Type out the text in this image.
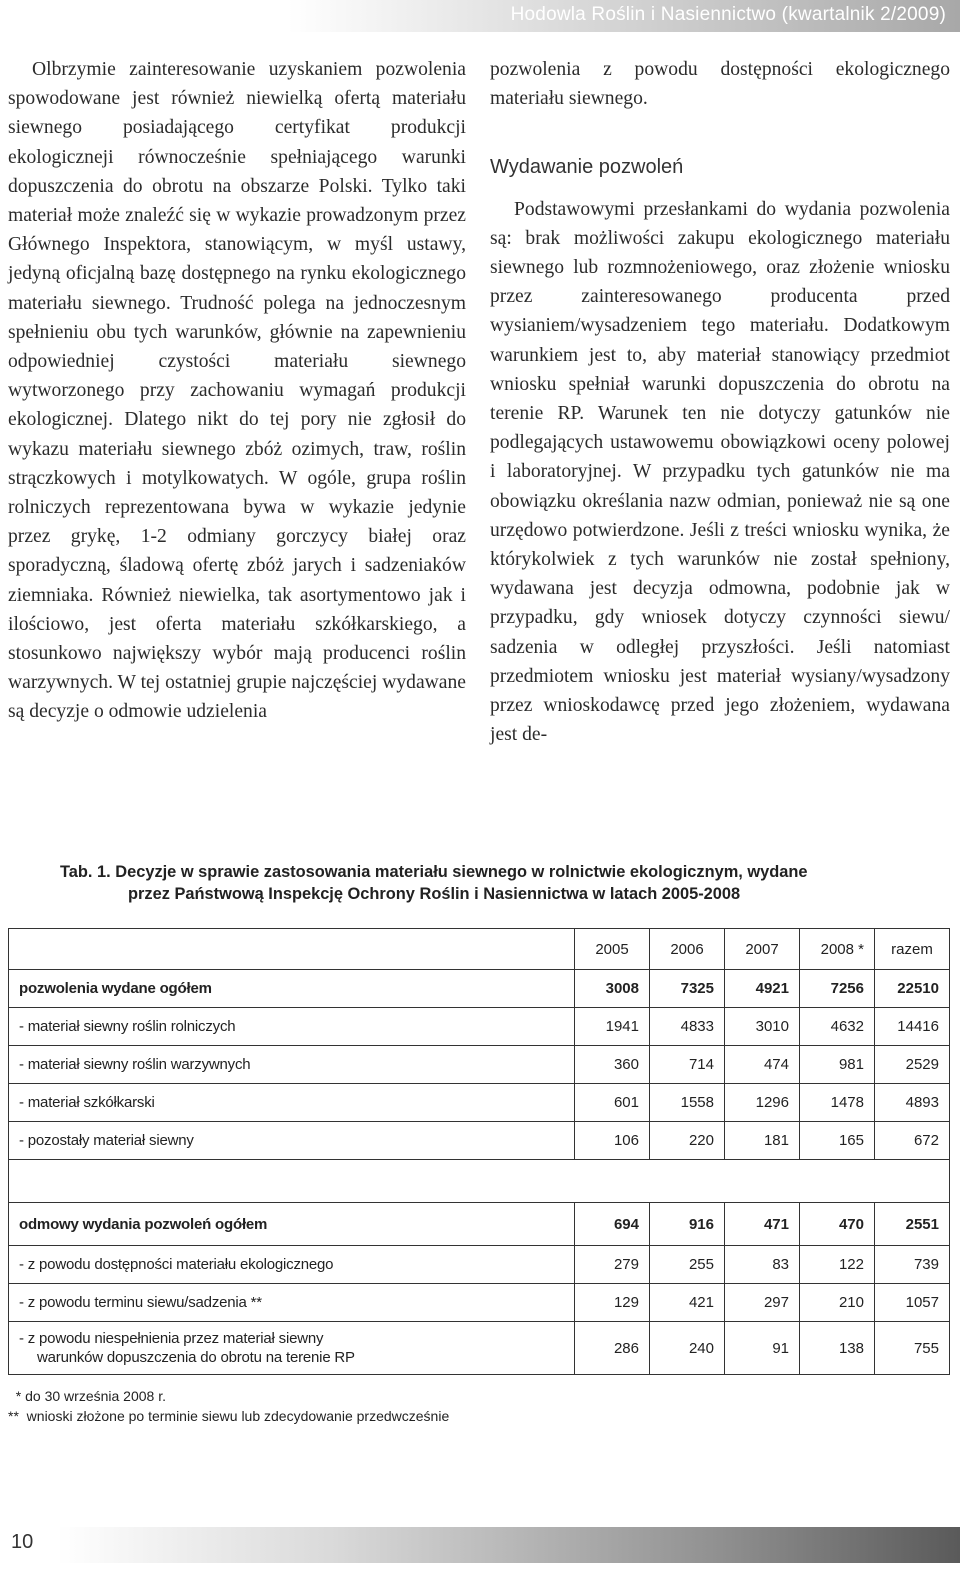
Hodowla Roślin i Nasiennictwo (kwartalnik 2/2009)

Olbrzymie zainteresowanie uzyskaniem pozwolenia spowodowane jest również niewielką ofertą materiału siewnego posiadającego certyfikat produkcji ekologiczneji równocześnie spełniającego warunki dopuszczenia do obrotu na obszarze Polski. Tylko taki materiał może znaleźć się w wykazie prowadzonym przez Głównego Inspektora, stanowiącym, w myśl ustawy, jedyną oficjalną bazę dostępnego na rynku ekologicznego materiału siewnego. Trudność polega na jednoczesnym spełnieniu obu tych warunków, głównie na zapewnieniu odpowiedniej czystości materiału siewnego wytworzonego przy zachowaniu wymagań produkcji ekologicznej. Dlatego nikt do tej pory nie zgłosił do wykazu materiału siewnego zbóż ozimych, traw, roślin strączkowych i motylkowatych. W ogóle, grupa roślin rolniczych reprezentowana bywa w wykazie jedynie przez grykę, 1-2 odmiany gorczycy białej oraz sporadyczną, śladową ofertę zbóż jarych i sadzeniaków ziemniaka. Również niewielka, tak asortymentowo jak i ilościowo, jest oferta materiału szkółkarskiego, a stosunkowo największy wybór mają producenci roślin warzywnych. W tej ostatniej grupie najczęściej wydawane są decyzje o odmowie udzielenia

pozwolenia z powodu dostępności ekologicznego materiału siewnego.

Wydawanie pozwoleń

Podstawowymi przesłankami do wydania pozwolenia są: brak możliwości zakupu ekologicznego materiału siewnego lub rozmnożeniowego, oraz złożenie wniosku przez zainteresowanego producenta przed wysianiem/wysadzeniem tego materiału. Dodatkowym warunkiem jest to, aby materiał stanowiący przedmiot wniosku spełniał warunki dopuszczenia do obrotu na terenie RP. Warunek ten nie dotyczy gatunków nie podlegających ustawowemu obowiązkowi oceny polowej i laboratoryjnej. W przypadku tych gatunków nie ma obowiązku określania nazw odmian, ponieważ nie są one urzędowo potwierdzone. Jeśli z treści wniosku wynika, że którykolwiek z tych warunków nie został spełniony, wydawana jest decyzja odmowna, podobnie jak w przypadku, gdy wniosek dotyczy czynności siewu/ sadzenia w odległej przyszłości. Jeśli natomiast przedmiotem wniosku jest materiał wysiany/wysadzony przez wnioskodawcę przed jego złożeniem, wydawana jest de-

Tab. 1. Decyzje w sprawie zastosowania materiału siewnego w rolnictwie ekologicznym, wydane
przez Państwową Inspekcję Ochrony Roślin i Nasiennictwa w latach 2005-2008
	2005	2006	2007	2008 *	razem
pozwolenia wydane ogółem	3008	7325	4921	7256	22510
- materiał siewny roślin rolniczych	1941	4833	3010	4632	14416
- materiał siewny roślin warzywnych	360	714	474	981	2529
- materiał szkółkarski	601	1558	1296	1478	4893
- pozostały materiał siewny	106	220	181	165	672

odmowy wydania pozwoleń ogółem	694	916	471	470	2551
- z powodu dostępności materiału ekologicznego	279	255	83	122	739
- z powodu terminu siewu/sadzenia **	129	421	297	210	1057
- z powodu niespełnienia przez materiał siewny
warunków dopuszczenia do obrotu na terenie RP	286	240	91	138	755
* do 30 września 2008 r.
**  wnioski złożone po terminie siewu lub zdecydowanie przedwcześnie
10
